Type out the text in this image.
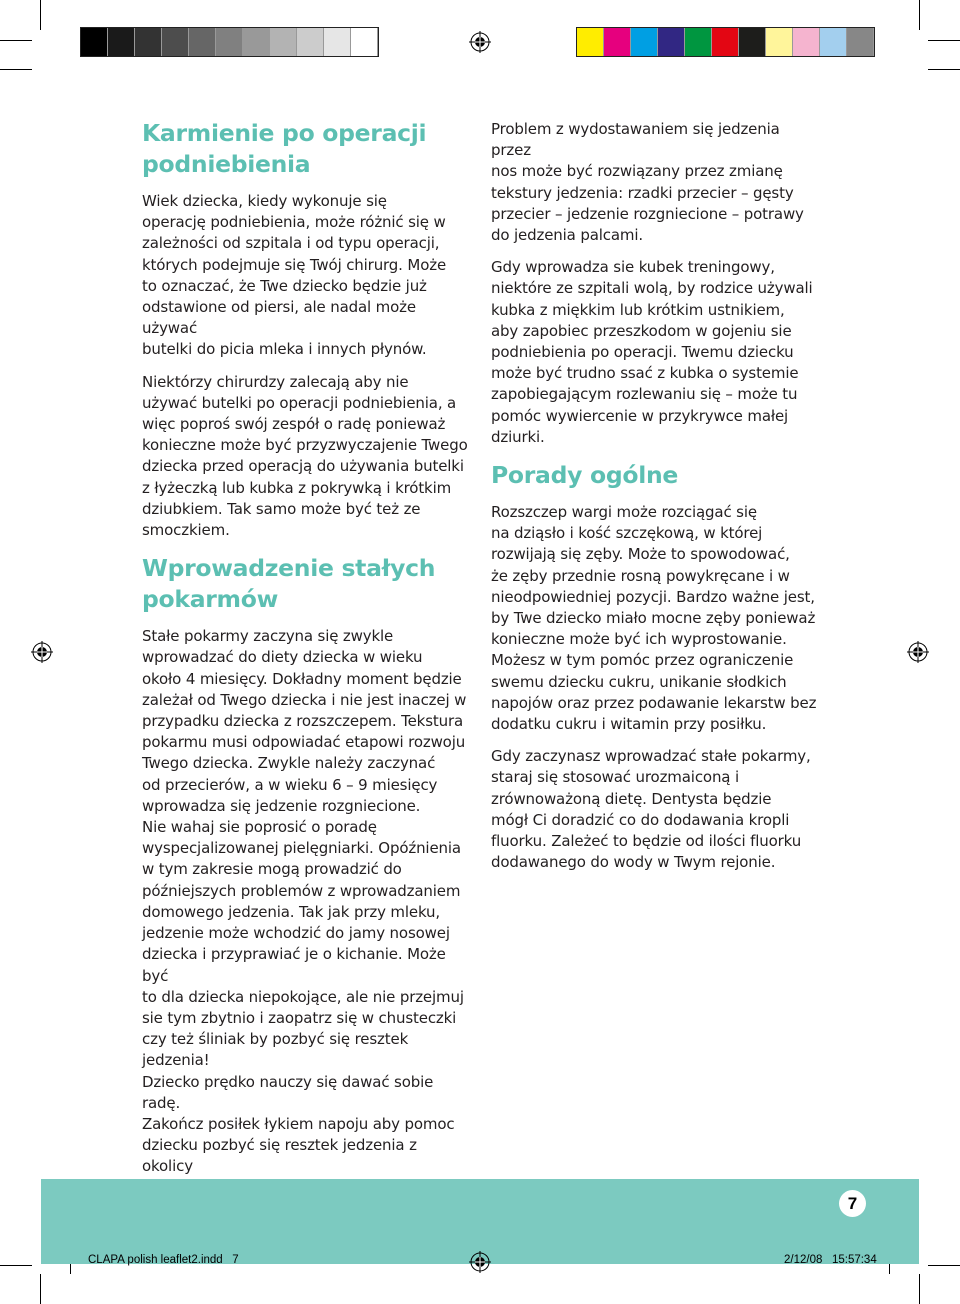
Karmienie po operacji
podniebienia

Wiek dziecka, kiedy wykonuje się
operację podniebienia, może różnić się w
zależności od szpitala i od typu operacji,
których podejmuje się Twój chirurg. Może
to oznaczać, że Twe dziecko będzie już
odstawione od piersi, ale nadal może używać
butelki do picia mleka i innych płynów.

Niektórzy chirurdzy zalecają aby nie
używać butelki po operacji podniebienia, a
więc poproś swój zespół o radę ponieważ
konieczne może być przyzwyczajenie Twego
dziecka przed operacją do używania butelki
z łyżeczką lub kubka z pokrywką i krótkim
dziubkiem. Tak samo może być też ze
smoczkiem.

Wprowadzenie stałych
pokarmów

Stałe pokarmy zaczyna się zwykle
wprowadzać do diety dziecka w wieku
około 4 miesięcy. Dokładny moment będzie
zależał od Twego dziecka i nie jest inaczej w
przypadku dziecka z rozszczepem. Tekstura
pokarmu musi odpowiadać etapowi rozwoju
Twego dziecka. Zwykle należy zaczynać
od przecierów, a w wieku 6 – 9 miesięcy
wprowadza się jedzenie rozgniecione.
Nie wahaj sie poprosić o poradę
wyspecjalizowanej pielęgniarki. Opóźnienia
w tym zakresie mogą prowadzić do
późniejszych problemów z wprowadzaniem
domowego jedzenia. Tak jak przy mleku,
jedzenie może wchodzić do jamy nosowej
dziecka i przyprawiać je o kichanie. Może być
to dla dziecka niepokojące, ale nie przejmuj
sie tym zbytnio i zaopatrz się w chusteczki
czy też śliniak by pozbyć się resztek jedzenia!
Dziecko prędko nauczy się dawać sobie radę.
Zakończ posiłek łykiem napoju aby pomoc
dziecku pozbyć się resztek jedzenia z okolicy

Problem z wydostawaniem się jedzenia przez
nos może być rozwiązany przez zmianę
tekstury jedzenia: rzadki przecier – gęsty
przecier – jedzenie rozgniecione – potrawy
do jedzenia palcami.

Gdy wprowadza sie kubek treningowy,
niektóre ze szpitali wolą, by rodzice używali
kubka z miękkim lub krótkim ustnikiem,
aby zapobiec przeszkodom w gojeniu sie
podniebienia po operacji. Twemu dziecku
może być trudno ssać z kubka o systemie
zapobiegającym rozlewaniu się – może tu
pomóc wywiercenie w przykrywce małej
dziurki.

Porady ogólne

Rozszczep wargi może rozciągać się
na dziąsło i kość szczękową, w której
rozwijają się zęby. Może to spowodować,
że zęby przednie rosną powykręcane i w
nieodpowiedniej pozycji. Bardzo ważne jest,
by Twe dziecko miało mocne zęby ponieważ
konieczne może być ich wyprostowanie.
Możesz w tym pomóc przez ograniczenie
swemu dziecku cukru, unikanie słodkich
napojów oraz przez podawanie lekarstw bez
dodatku cukru i witamin przy posiłku.

Gdy zaczynasz wprowadzać stałe pokarmy,
staraj się stosować urozmaiconą i
zrównoważoną dietę. Dentysta będzie
mógł Ci doradzić co do dodawania kropli
fluorku. Zależeć to będzie od ilości fluorku
dodawanego do wody w Twym rejonie.

7
CLAPA polish leaflet2.indd   7	2/12/08   15:57:34
